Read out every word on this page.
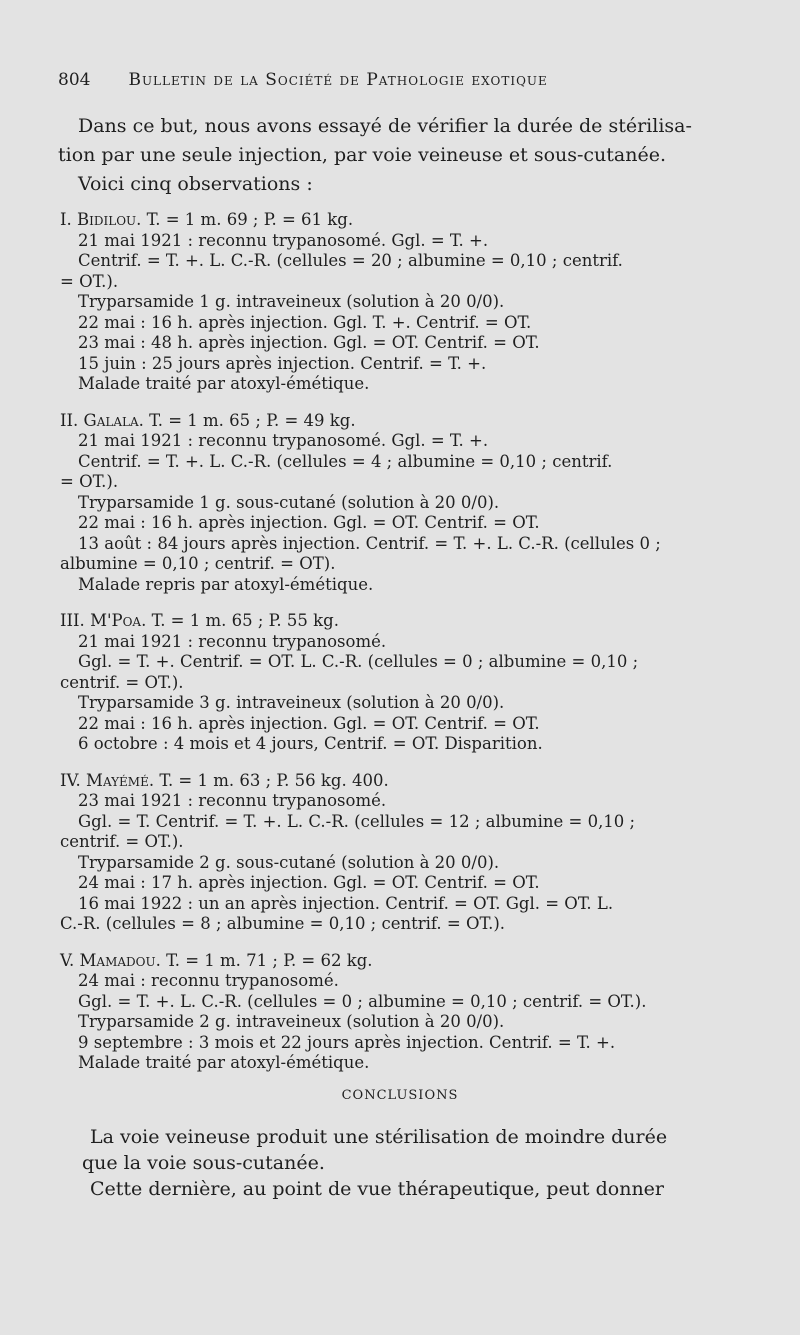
804 Bulletin de la Société de Pathologie exotique

Dans ce but, nous avons essayé de vérifier la durée de stérilisa-

tion par une seule injection, par voie veineuse et sous-cutanée.

Voici cinq observations :

I. Bidilou. T. = 1 m. 69 ; P. = 61 kg.
21 mai 1921 : reconnu trypanosomé. Ggl. = T. +.
Centrif. = T. +. L. C.-R. (cellules = 20 ; albumine = 0,10 ; centrif.
= OT.).
Tryparsamide 1 g. intraveineux (solution à 20 0/0).
22 mai : 16 h. après injection. Ggl. T. +. Centrif. = OT.
23 mai : 48 h. après injection. Ggl. = OT. Centrif. = OT.
15 juin : 25 jours après injection. Centrif. = T. +.
Malade traité par atoxyl-émétique.
II. Galala. T. = 1 m. 65 ; P. = 49 kg.
21 mai 1921 : reconnu trypanosomé. Ggl. = T. +.
Centrif. = T. +. L. C.-R. (cellules = 4 ; albumine = 0,10 ; centrif.
= OT.).
Tryparsamide 1 g. sous-cutané (solution à 20 0/0).
22 mai : 16 h. après injection. Ggl. = OT. Centrif. = OT.
13 août : 84 jours après injection. Centrif. = T. +. L. C.-R. (cellules 0 ;
albumine = 0,10 ; centrif. = OT).
Malade repris par atoxyl-émétique.
III. M'Poa. T. = 1 m. 65 ; P. 55 kg.
21 mai 1921 : reconnu trypanosomé.
Ggl. = T. +. Centrif. = OT. L. C.-R. (cellules = 0 ; albumine = 0,10 ;
centrif. = OT.).
Tryparsamide 3 g. intraveineux (solution à 20 0/0).
22 mai : 16 h. après injection. Ggl. = OT. Centrif. = OT.
6 octobre : 4 mois et 4 jours, Centrif. = OT. Disparition.
IV. Mayémé. T. = 1 m. 63 ; P. 56 kg. 400.
23 mai 1921 : reconnu trypanosomé.
Ggl. = T. Centrif. = T. +. L. C.-R. (cellules = 12 ; albumine = 0,10 ;
centrif. = OT.).
Tryparsamide 2 g. sous-cutané (solution à 20 0/0).
24 mai : 17 h. après injection. Ggl. = OT. Centrif. = OT.
16 mai 1922 : un an après injection. Centrif. = OT. Ggl. = OT. L.
C.-R. (cellules = 8 ; albumine = 0,10 ; centrif. = OT.).
V. Mamadou. T. = 1 m. 71 ; P. = 62 kg.
24 mai : reconnu trypanosomé.
Ggl. = T. +. L. C.-R. (cellules = 0 ; albumine = 0,10 ; centrif. = OT.).
Tryparsamide 2 g. intraveineux (solution à 20 0/0).
9 septembre : 3 mois et 22 jours après injection. Centrif. = T. +.
Malade traité par atoxyl-émétique.
CONCLUSIONS

La voie veineuse produit une stérilisation de moindre durée

que la voie sous-cutanée.

Cette dernière, au point de vue thérapeutique, peut donner
